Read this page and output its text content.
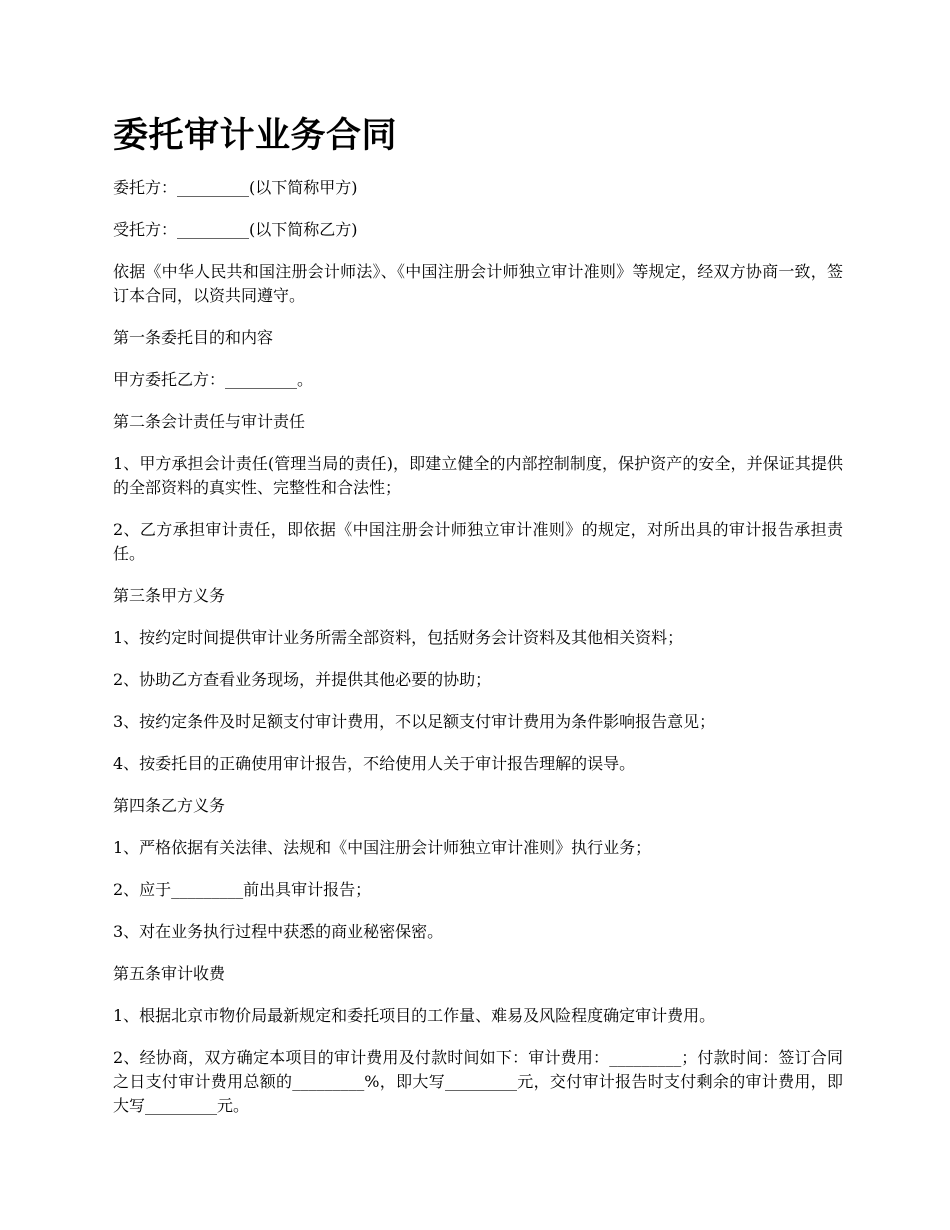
委托审计业务合同

委托方：_________(以下简称甲方)

受托方：_________(以下简称乙方)

依据《中华人民共和国注册会计师法》、《中国注册会计师独立审计准则》等规定，经双方协商一致，签订本合同，以资共同遵守。

第一条委托目的和内容

甲方委托乙方：_________。

第二条会计责任与审计责任

1、甲方承担会计责任(管理当局的责任)，即建立健全的内部控制制度，保护资产的安全，并保证其提供的全部资料的真实性、完整性和合法性；

2、乙方承担审计责任，即依据《中国注册会计师独立审计准则》的规定，对所出具的审计报告承担责任。

第三条甲方义务

1、按约定时间提供审计业务所需全部资料，包括财务会计资料及其他相关资料；

2、协助乙方查看业务现场，并提供其他必要的协助；

3、按约定条件及时足额支付审计费用，不以足额支付审计费用为条件影响报告意见；

4、按委托目的正确使用审计报告，不给使用人关于审计报告理解的误导。

第四条乙方义务

1、严格依据有关法律、法规和《中国注册会计师独立审计准则》执行业务；

2、应于_________前出具审计报告；

3、对在业务执行过程中获悉的商业秘密保密。

第五条审计收费

1、根据北京市物价局最新规定和委托项目的工作量、难易及风险程度确定审计费用。

2、经协商，双方确定本项目的审计费用及付款时间如下：审计费用：_________；付款时间：签订合同之日支付审计费用总额的_________%，即大写_________元，交付审计报告时支付剩余的审计费用，即大写_________元。
